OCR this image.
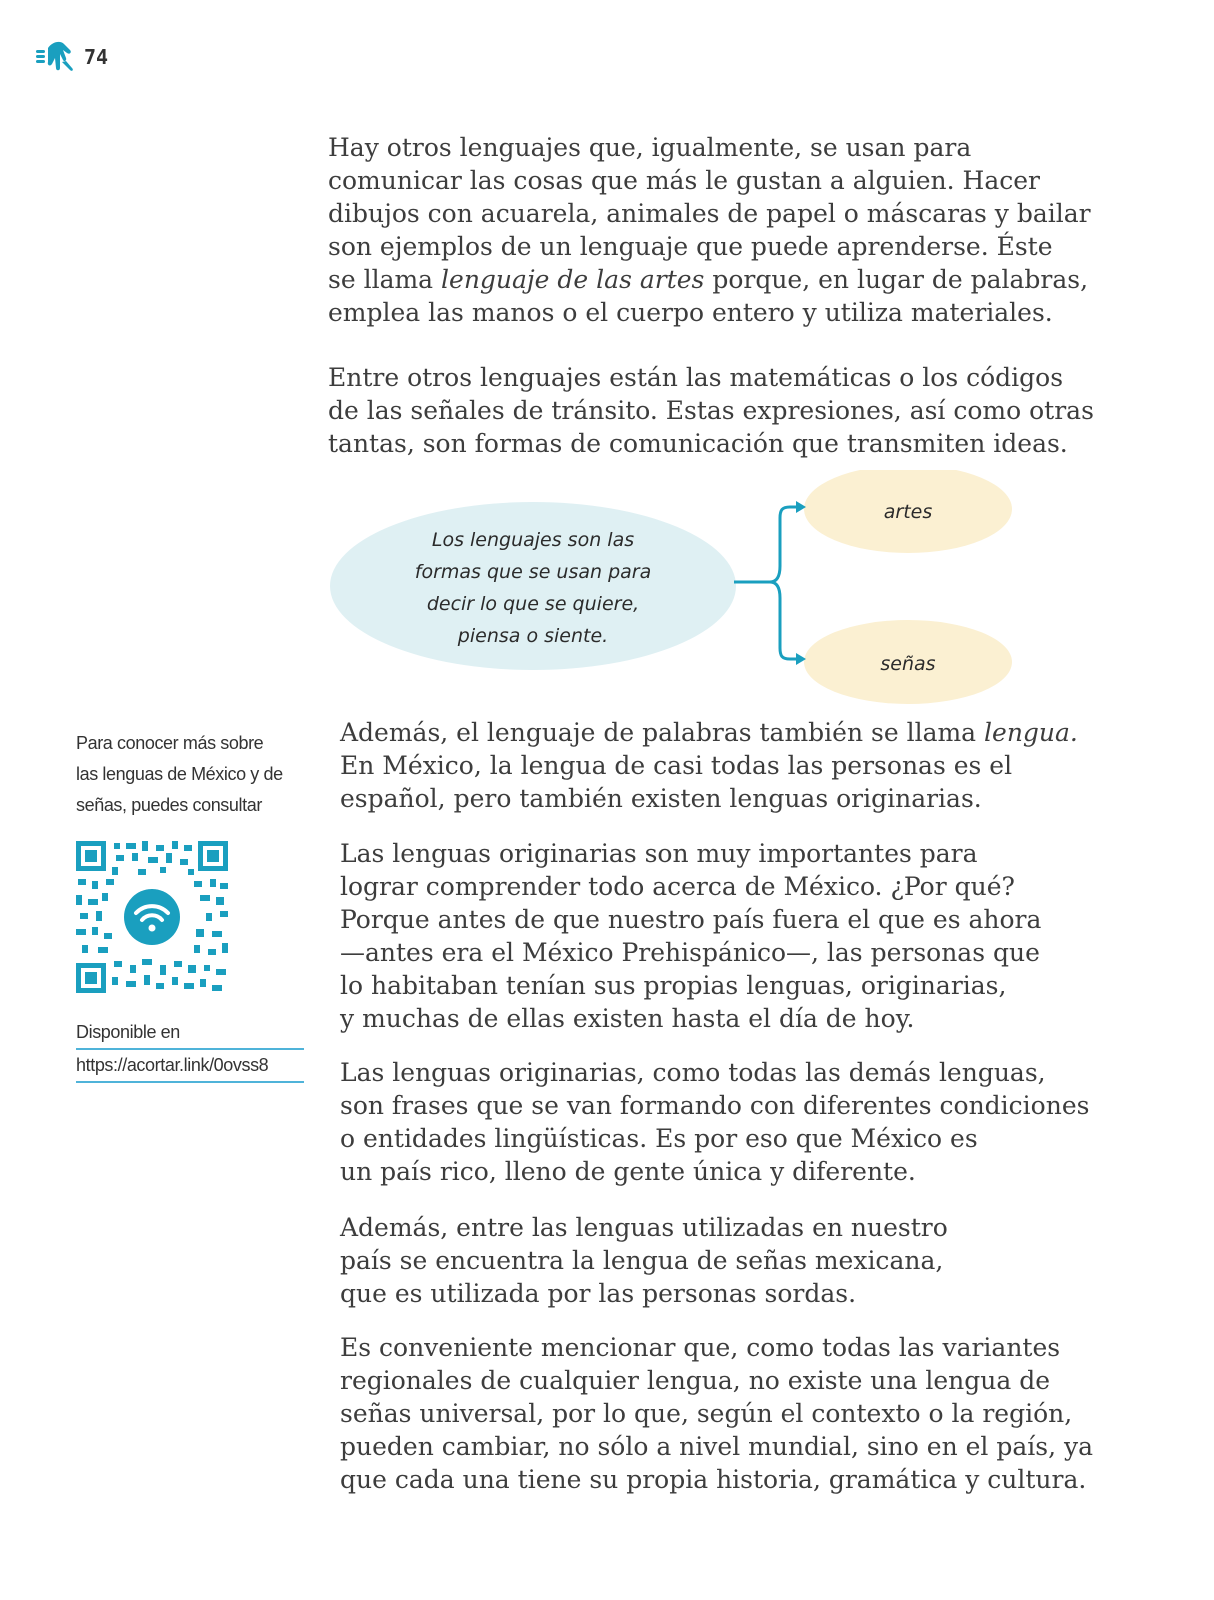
74

Hay otros lenguajes que, igualmente, se usan para
comunicar las cosas que más le gustan a alguien. Hacer
dibujos con acuarela, animales de papel o máscaras y bailar
son ejemplos de un lenguaje que puede aprenderse. Éste
se llama lenguaje de las artes porque, en lugar de palabras,
emplea las manos o el cuerpo entero y utiliza materiales.

Entre otros lenguajes están las matemáticas o los códigos
de las señales de tránsito. Estas expresiones, así como otras
tantas, son formas de comunicación que transmiten ideas.

Los lenguajes son las
formas que se usan para
decir lo que se quiere,
piensa o siente.
artes
señas

Para conocer más sobre
las lenguas de México y de
señas, puedes consultar

Disponible en
https://acortar.link/0ovss8

Además, el lenguaje de palabras también se llama lengua.
En México, la lengua de casi todas las personas es el
español, pero también existen lenguas originarias.

Las lenguas originarias son muy importantes para
lograr comprender todo acerca de México. ¿Por qué?
Porque antes de que nuestro país fuera el que es ahora
—antes era el México Prehispánico—, las personas que
lo habitaban tenían sus propias lenguas, originarias,
y muchas de ellas existen hasta el día de hoy.

Las lenguas originarias, como todas las demás lenguas,
son frases que se van formando con diferentes condiciones
o entidades lingüísticas. Es por eso que México es
un país rico, lleno de gente única y diferente.

Además, entre las lenguas utilizadas en nuestro
país se encuentra la lengua de señas mexicana,
que es utilizada por las personas sordas.

Es conveniente mencionar que, como todas las variantes
regionales de cualquier lengua, no existe una lengua de
señas universal, por lo que, según el contexto o la región,
pueden cambiar, no sólo a nivel mundial, sino en el país, ya
que cada una tiene su propia historia, gramática y cultura.
